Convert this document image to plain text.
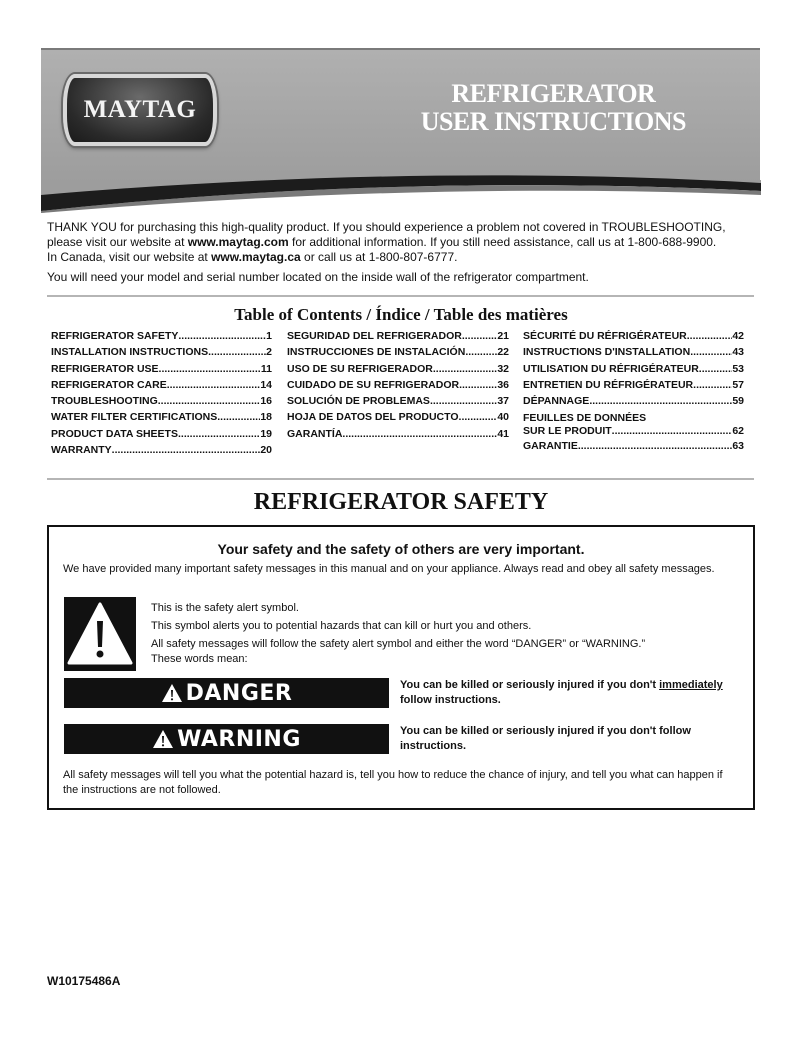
MAYTAG
REFRIGERATOR
USER INSTRUCTIONS

THANK YOU for purchasing this high-quality product. If you should experience a problem not covered in TROUBLESHOOTING,

please visit our website at www.maytag.com for additional information. If you still need assistance, call us at 1-800-688-9900.

In Canada, visit our website at www.maytag.ca or call us at 1-800-807-6777.

You will need your model and serial number located on the inside wall of the refrigerator compartment.

Table of Contents / Índice / Table des matières
REFRIGERATOR SAFETY .....	1
INSTALLATION INSTRUCTIONS .....	2
REFRIGERATOR USE .....	11
REFRIGERATOR CARE .....	14
TROUBLESHOOTING .....	16
WATER FILTER CERTIFICATIONS .....	18
PRODUCT DATA SHEETS .....	19
WARRANTY .....	20
SEGURIDAD DEL REFRIGERADOR .....	21
INSTRUCCIONES DE INSTALACIÓN .....	22
USO DE SU REFRIGERADOR .....	32
CUIDADO DE SU REFRIGERADOR .....	36
SOLUCIÓN DE PROBLEMAS .....	37
HOJA DE DATOS DEL PRODUCTO .....	40
GARANTÍA .....	41
SÉCURITÉ DU RÉFRIGÉRATEUR .....	42
INSTRUCTIONS D'INSTALLATION .....	43
UTILISATION DU RÉFRIGÉRATEUR .....	53
ENTRETIEN DU RÉFRIGÉRATEUR .....	57
DÉPANNAGE .....	59
FEUILLES DE DONNÉES
SUR LE PRODUIT .....	62
GARANTIE .....	63
REFRIGERATOR SAFETY
Your safety and the safety of others are very important.
We have provided many important safety messages in this manual and on your appliance. Always read and obey all safety messages.

This is the safety alert symbol.

This symbol alerts you to potential hazards that can kill or hurt you and others.

All safety messages will follow the safety alert symbol and either the word “DANGER” or “WARNING.”

These words mean:

DANGER	You can be killed or seriously injured if you don't immediately
follow instructions.
WARNING	You can be killed or seriously injured if you don't follow
instructions.
All safety messages will tell you what the potential hazard is, tell you how to reduce the chance of injury, and tell you what can happen if the instructions are not followed.
W10175486A
